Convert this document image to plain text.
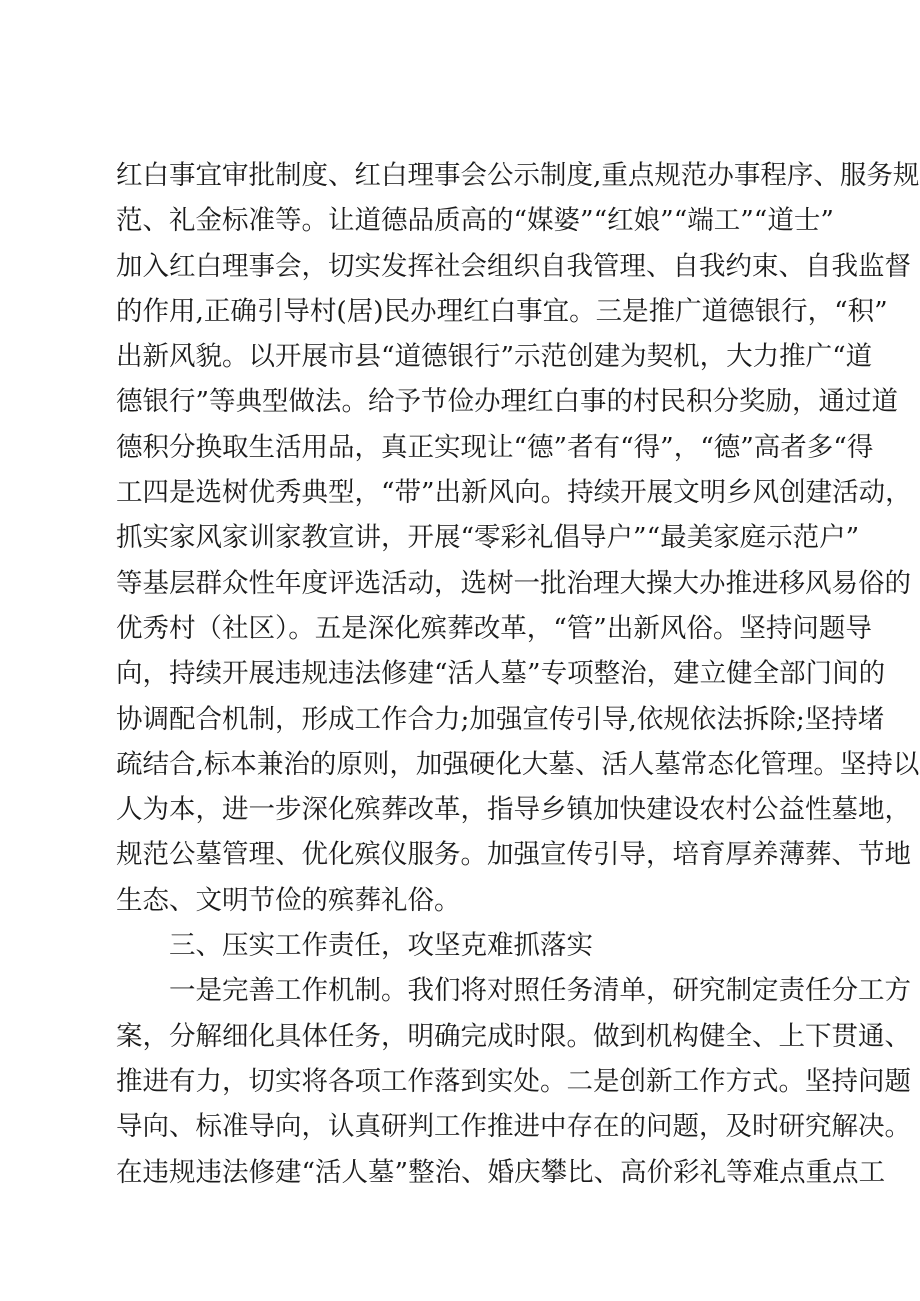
红白事宜审批制度、红白理事会公示制度,重点规范办事程序、服务规
范、礼金标准等。让道德品质高的“媒婆”“红娘”“端工”“道士”
加入红白理事会，切实发挥社会组织自我管理、自我约束、自我监督
的作用,正确引导村(居)民办理红白事宜。三是推广道德银行，“积”
出新风貌。以开展市县“道德银行”示范创建为契机，大力推广“道
德银行”等典型做法。给予节俭办理红白事的村民积分奖励，通过道
德积分换取生活用品，真正实现让“德”者有“得”，“德”高者多“得
工四是选树优秀典型，“带”出新风向。持续开展文明乡风创建活动，
抓实家风家训家教宣讲，开展“零彩礼倡导户”“最美家庭示范户”
等基层群众性年度评选活动，选树一批治理大操大办推进移风易俗的
优秀村（社区）。五是深化殡葬改革，“管”出新风俗。坚持问题导
向，持续开展违规违法修建“活人墓”专项整治，建立健全部门间的
协调配合机制，形成工作合力;加强宣传引导,依规依法拆除;坚持堵
疏结合,标本兼治的原则，加强硬化大墓、活人墓常态化管理。坚持以
人为本，进一步深化殡葬改革，指导乡镇加快建设农村公益性墓地，
规范公墓管理、优化殡仪服务。加强宣传引导，培育厚养薄葬、节地
生态、文明节俭的殡葬礼俗。
三、压实工作责任，攻坚克难抓落实
一是完善工作机制。我们将对照任务清单，研究制定责任分工方
案，分解细化具体任务，明确完成时限。做到机构健全、上下贯通、
推进有力，切实将各项工作落到实处。二是创新工作方式。坚持问题
导向、标准导向，认真研判工作推进中存在的问题，及时研究解决。
在违规违法修建“活人墓”整治、婚庆攀比、高价彩礼等难点重点工
